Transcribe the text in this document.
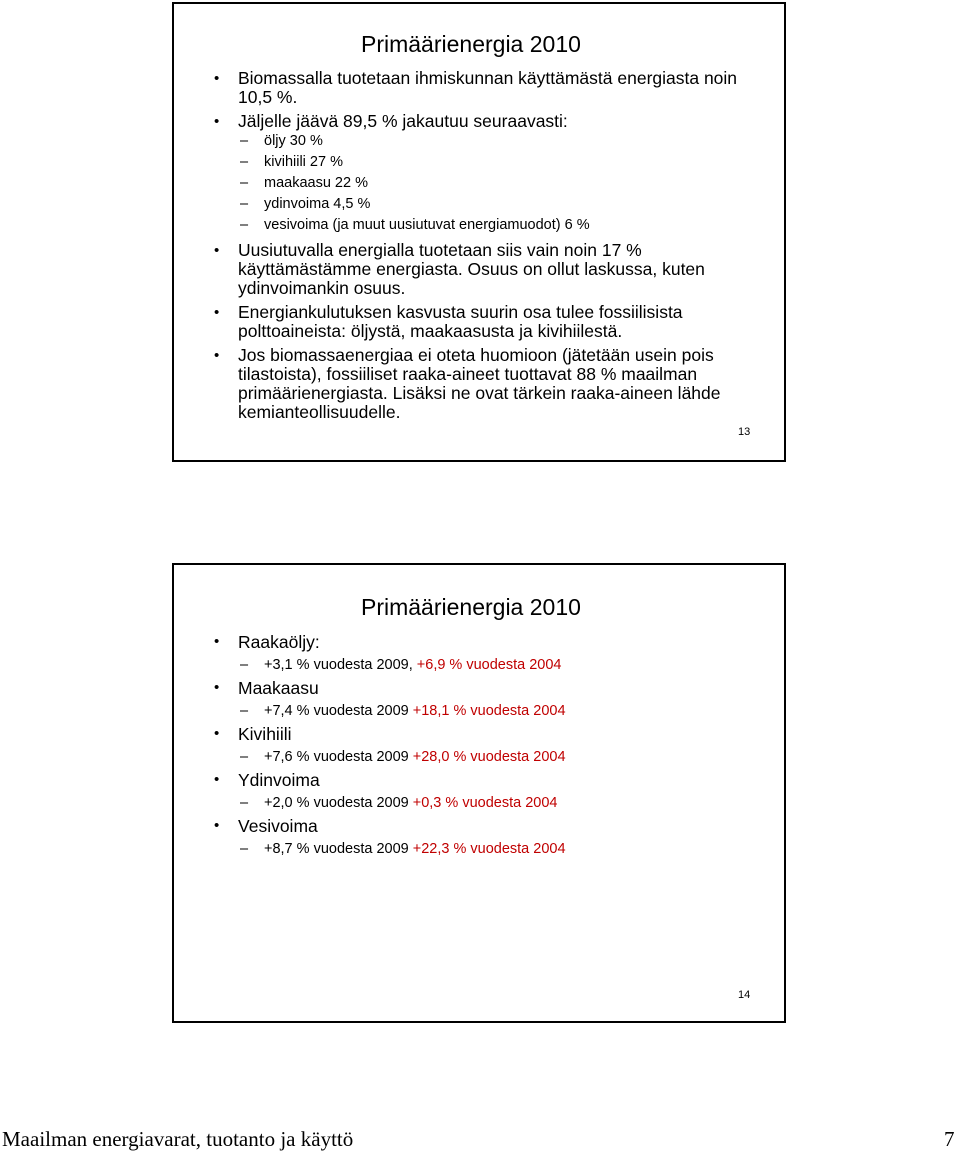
Primäärienergia 2010
• Biomassalla tuotetaan ihmiskunnan käyttämästä energiasta noin 10,5 %.
• Jäljelle jäävä 89,5 % jakautuu seuraavasti:
– öljy 30 %
– kivihiili 27 %
– maakaasu 22 %
– ydinvoima 4,5 %
– vesivoima (ja muut uusiutuvat energiamuodot) 6 %
• Uusiutuvalla energialla tuotetaan siis vain noin 17 % käyttämästämme energiasta. Osuus on ollut laskussa, kuten ydinvoimankin osuus.
• Energiankulutuksen kasvusta suurin osa tulee fossiilisista polttoaineista: öljystä, maakaasusta ja kivihiilestä.
• Jos biomassaenergiaa ei oteta huomioon (jätetään usein pois tilastoista), fossiiliset raaka-aineet tuottavat 88 % maailman primäärienergiasta. Lisäksi ne ovat tärkein raaka-aineen lähde kemianteollisuudelle.
13
Primäärienergia 2010
• Raakaöljy:
– +3,1 % vuodesta 2009, +6,9 % vuodesta 2004
• Maakaasu
– +7,4 % vuodesta 2009 +18,1 % vuodesta 2004
• Kivihiili
– +7,6 % vuodesta 2009 +28,0 % vuodesta 2004
• Ydinvoima
– +2,0 % vuodesta 2009 +0,3 % vuodesta 2004
• Vesivoima
– +8,7 % vuodesta 2009 +22,3 % vuodesta 2004
14
Maailman energiavarat, tuotanto ja käyttö	7
